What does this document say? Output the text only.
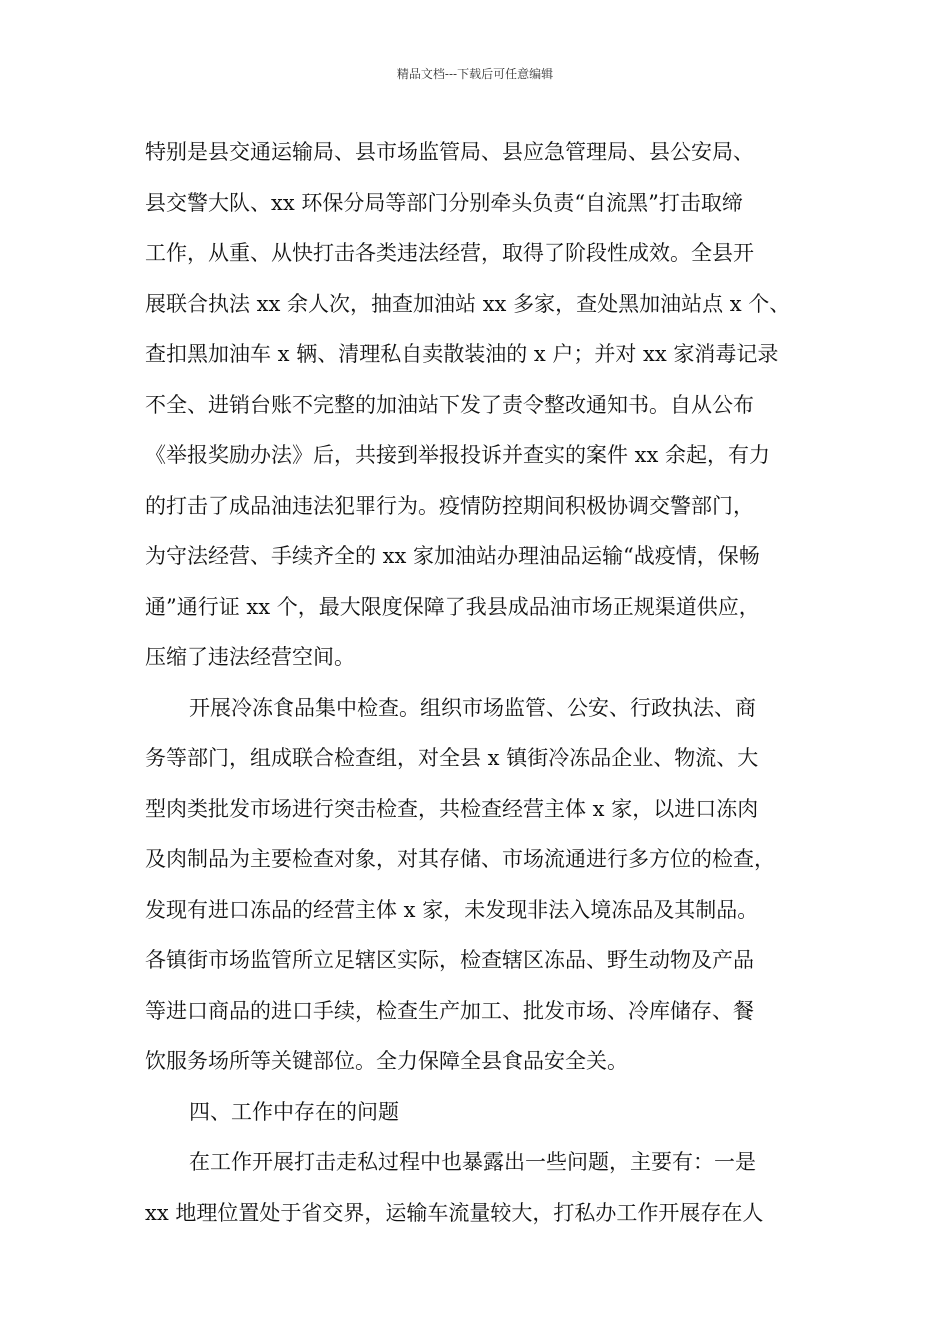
精品文档---下载后可任意编辑
特别是县交通运输局、县市场监管局、县应急管理局、县公安局、
县交警大队、xx 环保分局等部门分别牵头负责“自流黑”打击取缔
工作，从重、从快打击各类违法经营，取得了阶段性成效。全县开
展联合执法 xx 余人次，抽查加油站 xx 多家，查处黑加油站点 x 个、
查扣黑加油车 x 辆、清理私自卖散装油的 x 户；并对 xx 家消毒记录
不全、进销台账不完整的加油站下发了责令整改通知书。自从公布
《举报奖励办法》后，共接到举报投诉并查实的案件 xx 余起，有力
的打击了成品油违法犯罪行为。疫情防控期间积极协调交警部门，
为守法经营、手续齐全的 xx 家加油站办理油品运输“战疫情，保畅
通”通行证 xx 个，最大限度保障了我县成品油市场正规渠道供应，
压缩了违法经营空间。
开展冷冻食品集中检查。组织市场监管、公安、行政执法、商
务等部门，组成联合检查组，对全县 x 镇街冷冻品企业、物流、大
型肉类批发市场进行突击检查，共检查经营主体 x 家，以进口冻肉
及肉制品为主要检查对象，对其存储、市场流通进行多方位的检查，
发现有进口冻品的经营主体 x 家，未发现非法入境冻品及其制品。
各镇街市场监管所立足辖区实际，检查辖区冻品、野生动物及产品
等进口商品的进口手续，检查生产加工、批发市场、冷库储存、餐
饮服务场所等关键部位。全力保障全县食品安全关。
四、工作中存在的问题
在工作开展打击走私过程中也暴露出一些问题，主要有：一是
xx 地理位置处于省交界，运输车流量较大，打私办工作开展存在人
